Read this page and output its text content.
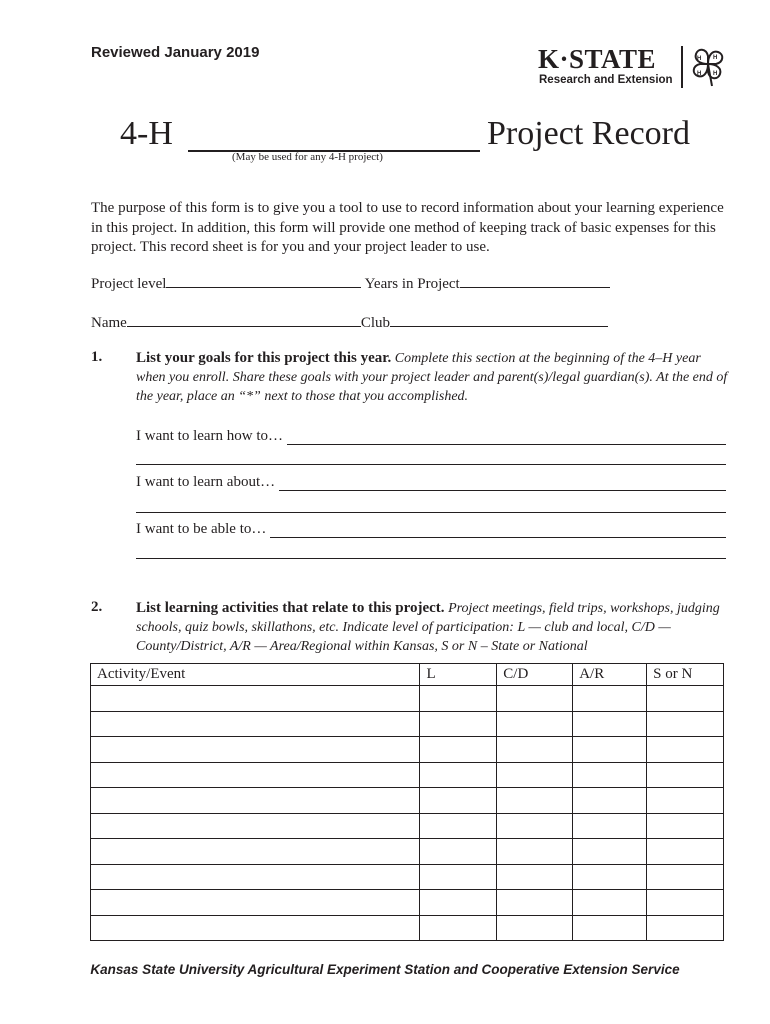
Reviewed January 2019	K·STATE
Research and Extension
H H
H
H
4-H	Project Record
(May be used for any 4-H project)
The purpose of this form is to give you a tool to use to record information about your learning experience in this project. In addition, this form will provide one method of keeping track of basic expenses for this project. This record sheet is for you and your project leader to use.
Project level	Years in Project
Name	Club
1. List your goals for this project this year. Complete this section at the beginning of the 4–H year when you enroll. Share these goals with your project leader and parent(s)/legal guardian(s). At the end of the year, place an “*” next to those that you accomplished.
I want to learn how to…
I want to learn about…
I want to be able to…
2. List learning activities that relate to this project. Project meetings, field trips, workshops, judging schools, quiz bowls, skillathons, etc. Indicate level of participation: L — club and local, C/D — County/District, A/R — Area/Regional within Kansas, S or N – State or National
Activity/Event	L	C/D	A/R	S or N

Kansas State University Agricultural Experiment Station and Cooperative Extension Service
